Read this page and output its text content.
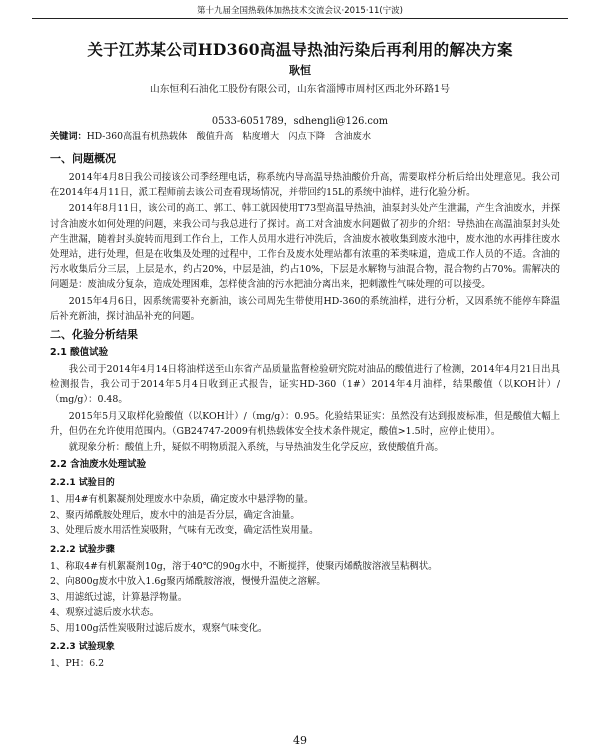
第十九届全国热载体加热技术交流会议·2015·11(宁波)
关于江苏某公司HD360高温导热油污染后再利用的解决方案
耿恒
山东恒利石油化工股份有限公司，山东省淄博市周村区西北外环路1号
0533-6051789，sdhengli@126.com
关键词：HD-360高温有机热载体　酸值升高　粘度增大　闪点下降　含油废水
一、问题概况

2014年4月8日我公司接该公司季经理电话，称系统内导高温导热油酸价升高，需要取样分析后给出处理意见。我公司在2014年4月11日，派工程师前去该公司查看现场情况，并带回约15L的系统中油样，进行化验分析。

2014年8月11日，该公司的高工、郭工、韩工就因使用T73型高温导热油，油泵封头处产生泄漏，产生含油废水，并探讨含油废水如何处理的问题，来我公司与我总进行了探讨。高工对含油废水问题做了初步的介绍：导热油在高温油泵封头处产生泄漏，随着封头旋转而甩到工作台上，工作人员用水进行冲洗后，含油废水被收集到废水池中，废水池的水再排往废水处理站，进行处理，但是在收集及处理的过程中，工作台及废水处理站都有浓重的苯类味道，造成工作人员的不适。含油的污水收集后分三层，上层是水，约占20%，中层是油，约占10%，下层是水解物与油混合物，混合物约占70%。需解决的问题是：废油成分复杂，造成处理困难，怎样使含油的污水把油分离出来，把刺激性气味处理的可以接受。

2015年4月6日，因系统需要补充新油，该公司周先生带使用HD-360的系统油样，进行分析，又因系统不能停车降温后补充新油，探讨油品补充的问题。

二、化验分析结果
2.1 酸值试验

我公司于2014年4月14日将油样送至山东省产品质量监督检验研究院对油品的酸值进行了检测，2014年4月21日出具检测报告，我公司于2014年5月4日收到正式报告，证实HD-360（1#）2014年4月油样，结果酸值（以KOH计）/（mg/g）：0.48。

2015年5月又取样化验酸值（以KOH计）/（mg/g）：0.95。化验结果证实：虽然没有达到报废标准，但是酸值大幅上升，但仍在允许使用范围内。（GB24747-2009有机热载体安全技术条件规定，酸值>1.5时，应停止使用）。

就现象分析：酸值上升，疑似不明物质混入系统，与导热油发生化学反应，致使酸值升高。

2.2 含油废水处理试验
2.2.1 试验目的
1、用4#有机絮凝剂处理废水中杂质，确定废水中悬浮物的量。
2、聚丙烯酰胺处理后，废水中的油是否分层，确定含油量。
3、处理后废水用活性炭吸附，气味有无改变，确定活性炭用量。
2.2.2 试验步骤
1、称取4#有机絮凝剂10g，溶于40℃的90g水中，不断搅拌，使聚丙烯酰胺溶液呈粘稠状。
2、向800g废水中放入1.6g聚丙烯酰胺溶液，慢慢升温使之溶解。
3、用滤纸过滤，计算悬浮物量。
4、观察过滤后废水状态。
5、用100g活性炭吸附过滤后废水，观察气味变化。
2.2.3 试验现象
1、PH：6.2
49
